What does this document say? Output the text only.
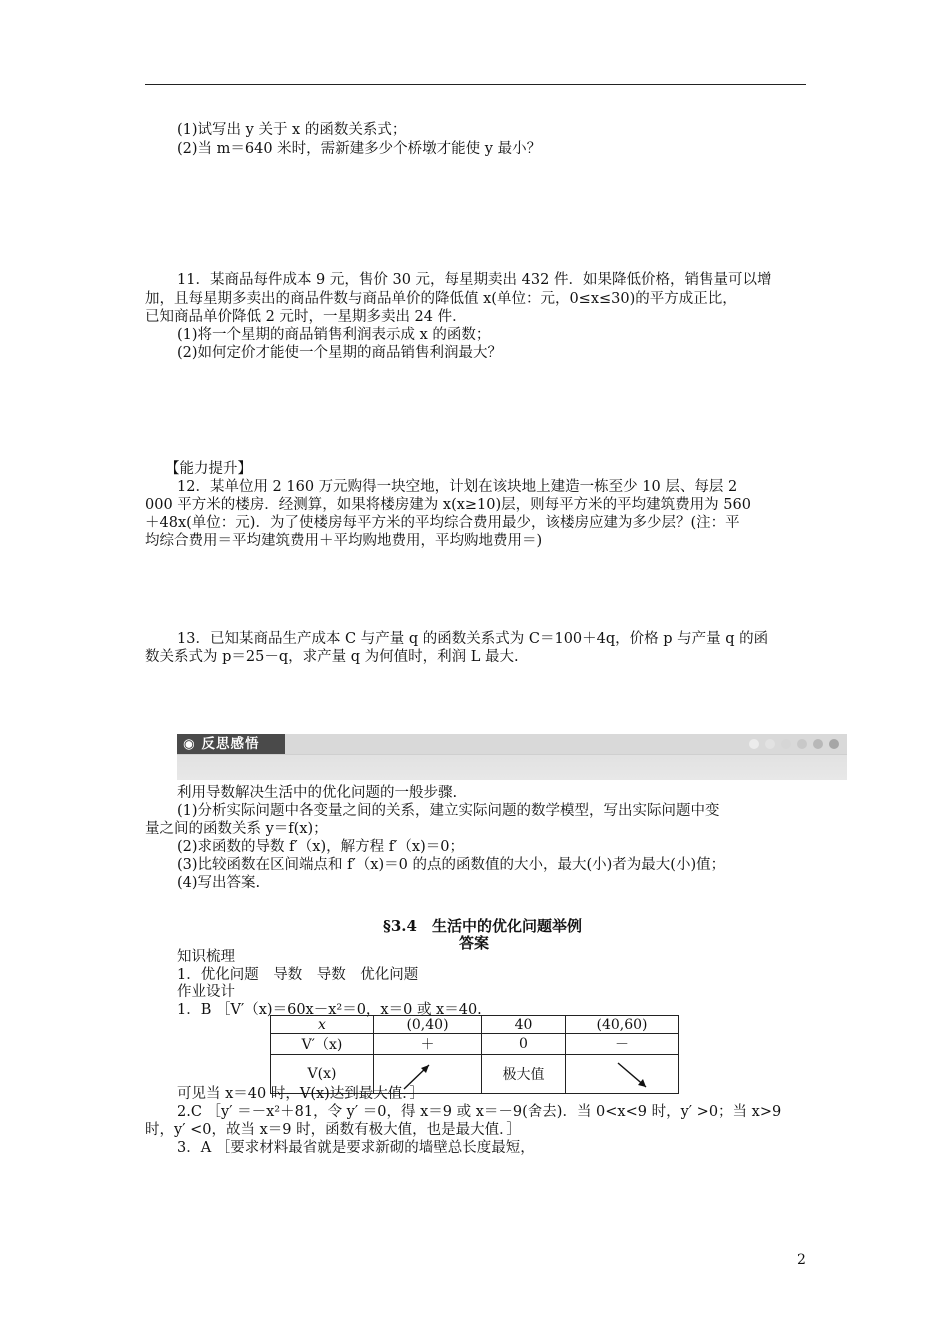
(1)试写出 y 关于 x 的函数关系式；
(2)当 m＝640 米时，需新建多少个桥墩才能使 y 最小？
11．某商品每件成本 9 元，售价 30 元，每星期卖出 432 件．如果降低价格，销售量可以增
加，且每星期多卖出的商品件数与商品单价的降低值 x(单位：元，0≤x≤30)的平方成正比，
已知商品单价降低 2 元时，一星期多卖出 24 件．
(1)将一个星期的商品销售利润表示成 x 的函数；
(2)如何定价才能使一个星期的商品销售利润最大？
【能力提升】
12．某单位用 2 160 万元购得一块空地，计划在该块地上建造一栋至少 10 层、每层 2
000 平方米的楼房．经测算，如果将楼房建为 x(x≥10)层，则每平方米的平均建筑费用为 560
＋48x(单位：元)．为了使楼房每平方米的平均综合费用最少，该楼房应建为多少层？(注：平
均综合费用＝平均建筑费用＋平均购地费用，平均购地费用＝)
13．已知某商品生产成本 C 与产量 q 的函数关系式为 C＝100＋4q，价格 p 与产量 q 的函
数关系式为 p＝25－q，求产量 q 为何值时，利润 L 最大.
◉ 反思感悟
利用导数解决生活中的优化问题的一般步骤.
(1)分析实际问题中各变量之间的关系，建立实际问题的数学模型，写出实际问题中变
量之间的函数关系 y＝f(x)；
(2)求函数的导数 f′（x)，解方程 f′（x)＝0；
(3)比较函数在区间端点和 f′（x)＝0 的点的函数值的大小，最大(小)者为最大(小)值；
(4)写出答案.
§3.4　生活中的优化问题举例
答案
知识梳理
1．优化问题　导数　导数　优化问题
作业设计
1．B ［V′（x)＝60x－x²＝0，x＝0 或 x＝40.
x	(0,40)	40	(40,60)
V′（x)	＋	0	－
V(x)		极大值	
可见当 x＝40 时，V(x)达到最大值．］
2.C ［y′ ＝－x²＋81，令 y′ ＝0，得 x＝9 或 x＝－9(舍去)．当 0<x<9 时，y′ >0；当 x>9
时，y′ <0，故当 x＝9 时，函数有极大值，也是最大值．］
3．A ［要求材料最省就是要求新砌的墙壁总长度最短，
2
